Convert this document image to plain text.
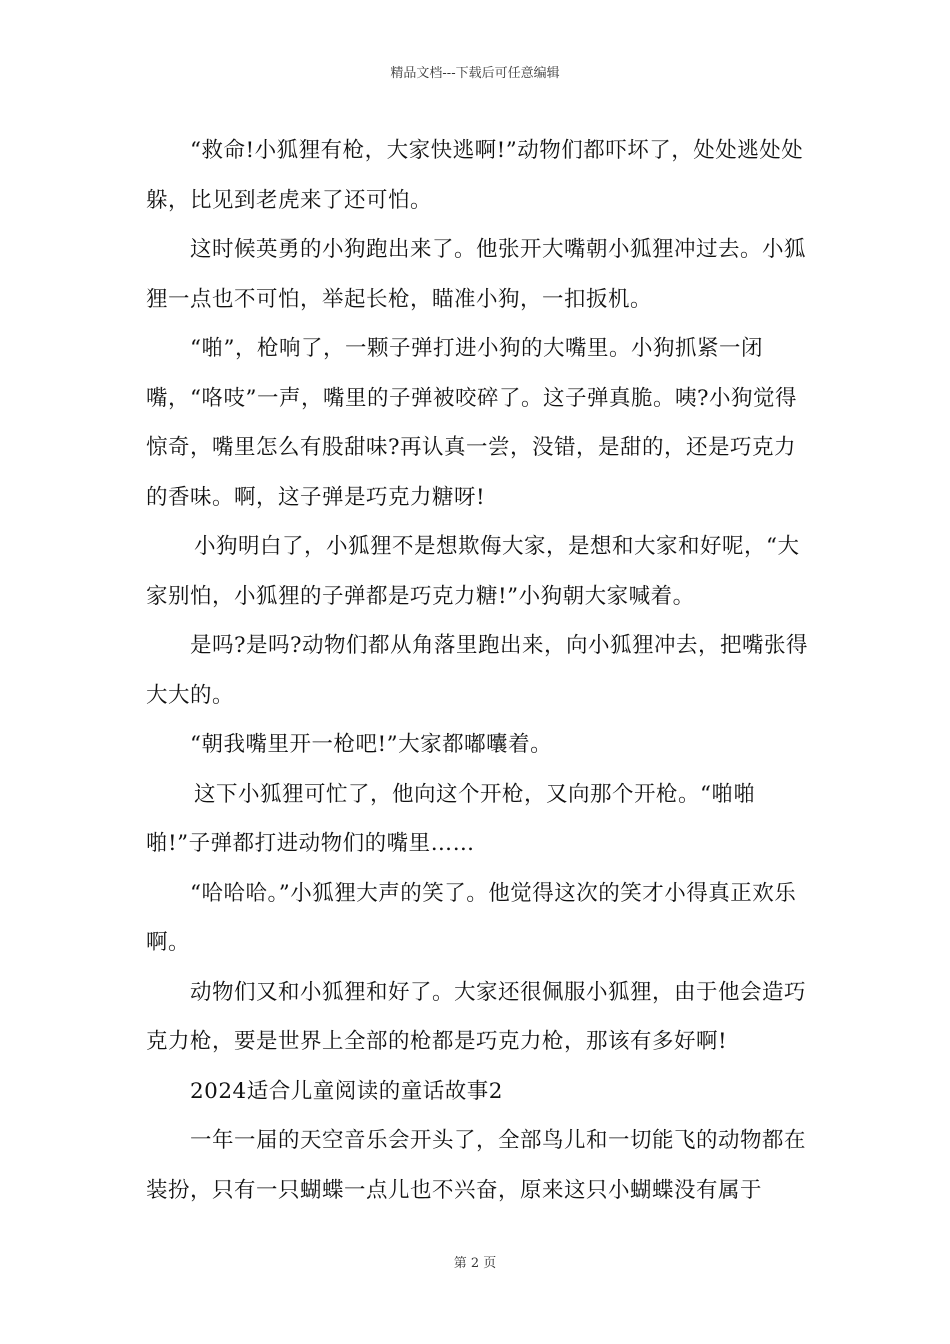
精品文档---下载后可任意编辑

“救命!小狐狸有枪，大家快逃啊!”动物们都吓坏了，处处逃处处躲，比见到老虎来了还可怕。

这时候英勇的小狗跑出来了。他张开大嘴朝小狐狸冲过去。小狐狸一点也不可怕，举起长枪，瞄准小狗，一扣扳机。

“啪”，枪响了，一颗子弹打进小狗的大嘴里。小狗抓紧一闭嘴，“咯吱”一声，嘴里的子弹被咬碎了。这子弹真脆。咦?小狗觉得惊奇，嘴里怎么有股甜味?再认真一尝，没错，是甜的，还是巧克力的香味。啊，这子弹是巧克力糖呀!

小狗明白了，小狐狸不是想欺侮大家，是想和大家和好呢，“大家别怕，小狐狸的子弹都是巧克力糖!”小狗朝大家喊着。

是吗?是吗?动物们都从角落里跑出来，向小狐狸冲去，把嘴张得大大的。

“朝我嘴里开一枪吧!”大家都嘟囔着。

这下小狐狸可忙了，他向这个开枪，又向那个开枪。“啪啪啪!”子弹都打进动物们的嘴里……

“哈哈哈。”小狐狸大声的笑了。他觉得这次的笑才小得真正欢乐啊。

动物们又和小狐狸和好了。大家还很佩服小狐狸，由于他会造巧克力枪，要是世界上全部的枪都是巧克力枪，那该有多好啊!

2024适合儿童阅读的童话故事2

一年一届的天空音乐会开头了，全部鸟儿和一切能飞的动物都在装扮，只有一只蝴蝶一点儿也不兴奋，原来这只小蝴蝶没有属于

第 2 页
